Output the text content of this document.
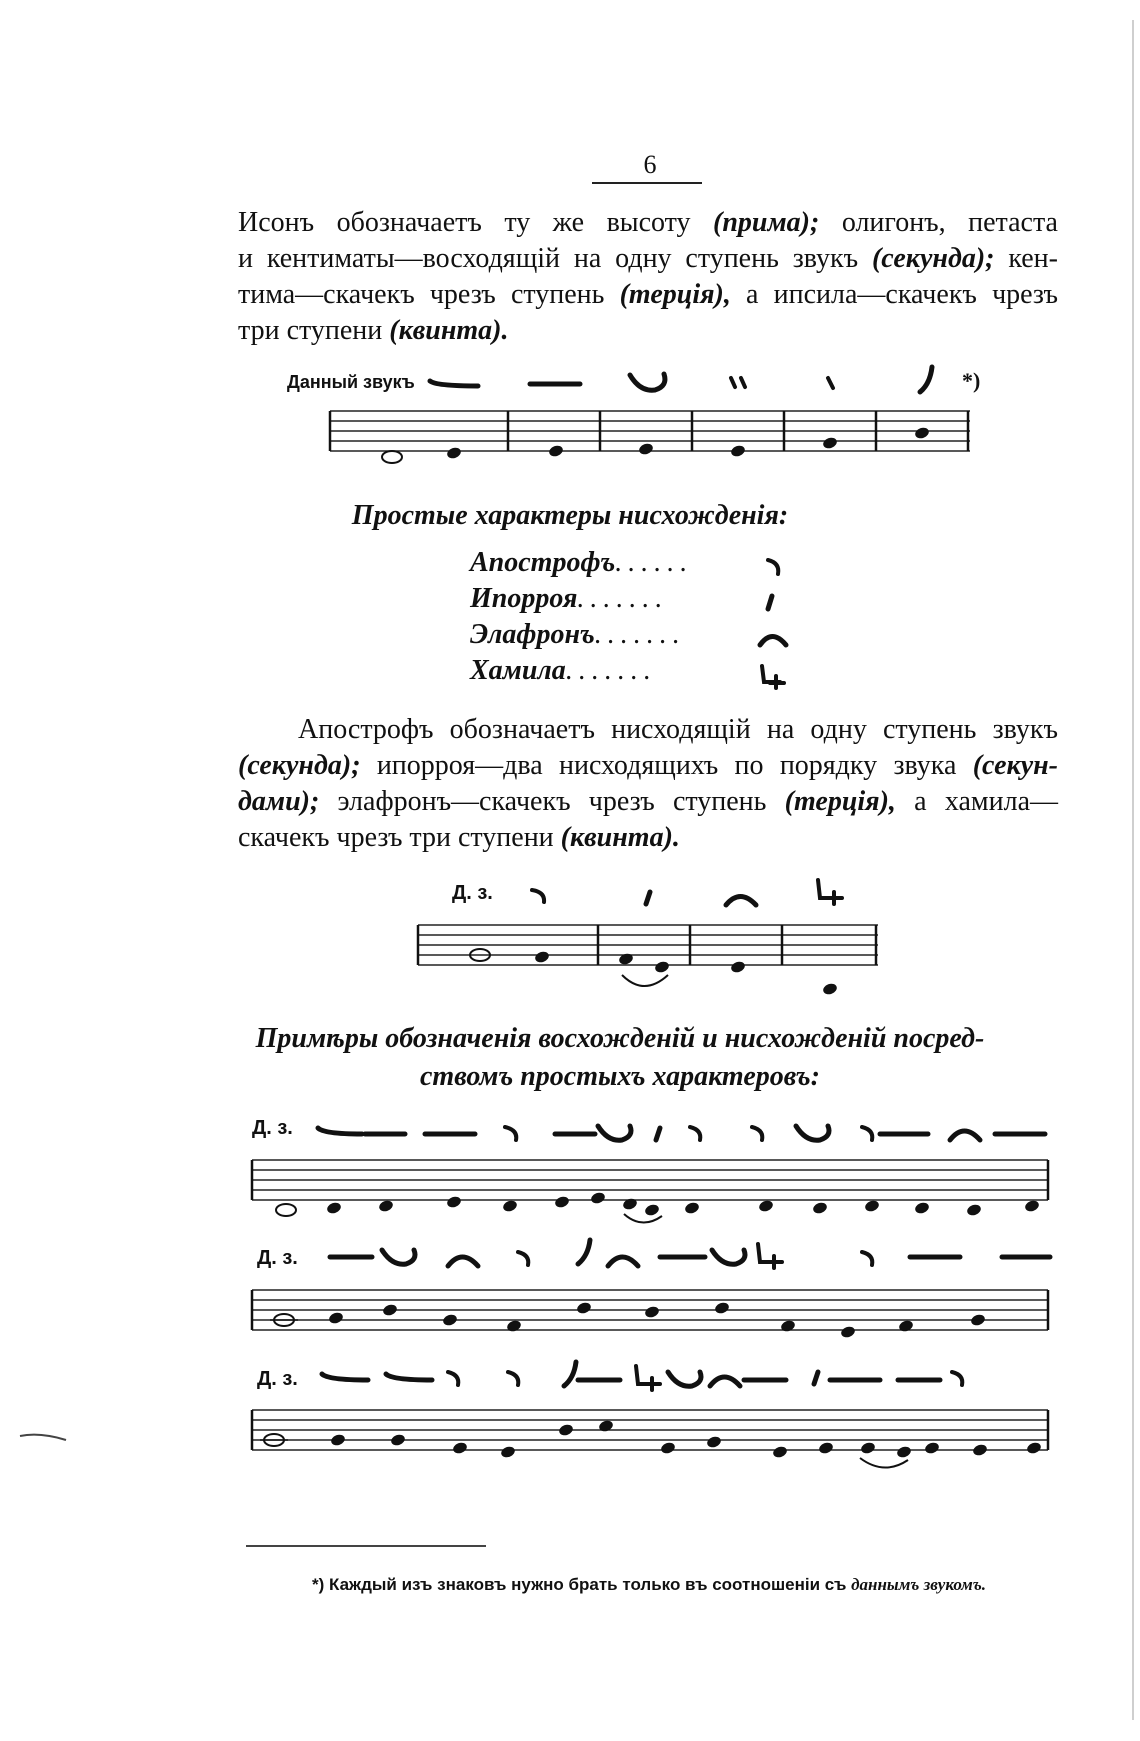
6
Исонъ обозначаетъ ту же высоту (прима); олигонъ, петаста
и кентиматы—восходящій на одну ступень звукъ (секунда); кен-
тима—скачекъ чрезъ ступень (терція), а ипсила—скачекъ чрезъ
три ступени (квинта).
Данный звукъ	*)
Простые характеры нисхожденія:
Апострофъ ......
Ипорроя .......
Элафронъ .......
Хамила .......
Апострофъ обозначаетъ нисходящій на одну ступень звукъ
(секунда); ипорроя—два нисходящихъ по порядку звука (секун-
дами); элафронъ—скачекъ чрезъ ступень (терція), а хамила—
скачекъ чрезъ три ступени (квинта).
Д. з.
Примѣры обозначенія восхожденій и нисхожденій посред-
ствомъ простыхъ характеровъ:
Д. з.
Д. з.
Д. з.
*) Каждый изъ знаковъ нужно брать только въ соотношеніи съ даннымъ звукомъ.
